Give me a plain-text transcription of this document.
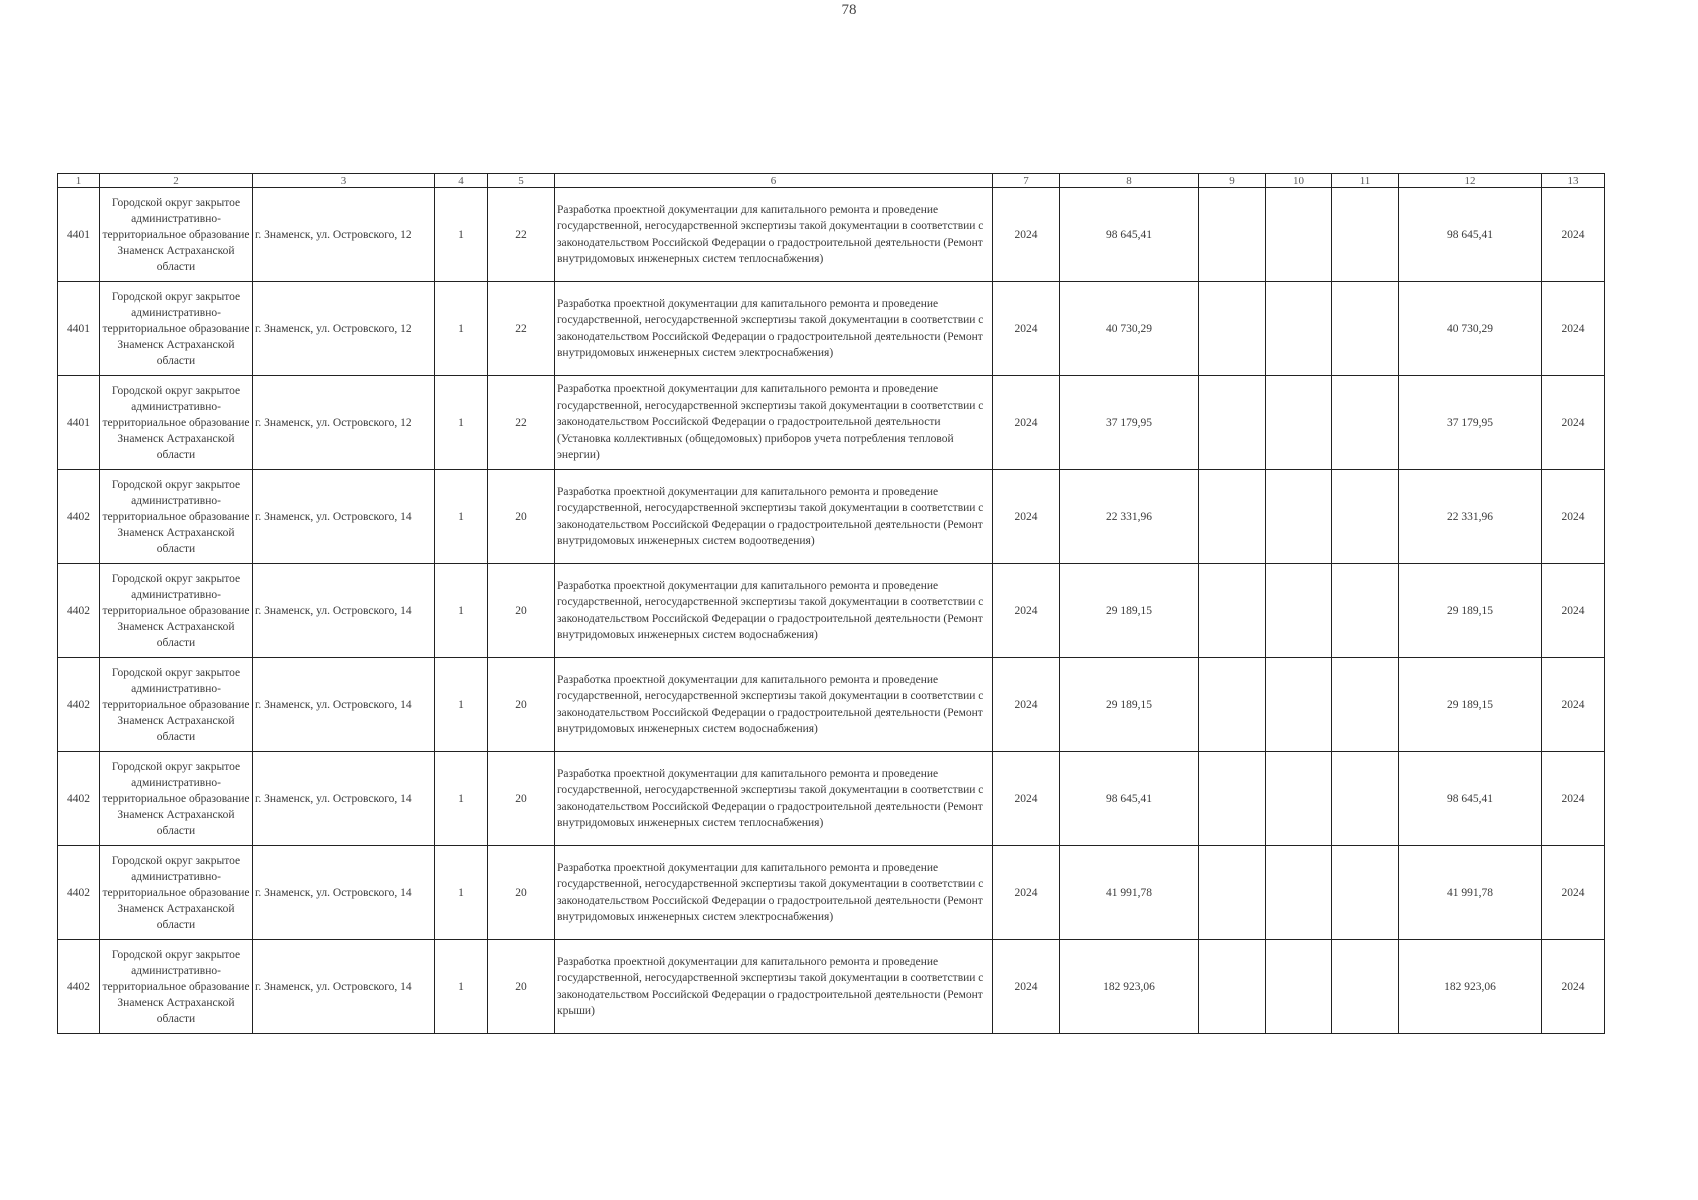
78
1	2	3	4	5	6	7	8	9	10	11	12	13
4401	Городской округ закрытое административно-территориальное образование Знаменск Астраханской области	г. Знаменск, ул. Островского, 12	1	22	Разработка проектной документации для капитального ремонта и проведение государственной, негосударственной экспертизы такой документации в соответствии с законодательством Российской Федерации о градостроительной деятельности (Ремонт внутридомовых инженерных систем теплоснабжения)	2024	98 645,41				98 645,41	2024
4401	Городской округ закрытое административно-территориальное образование Знаменск Астраханской области	г. Знаменск, ул. Островского, 12	1	22	Разработка проектной документации для капитального ремонта и проведение государственной, негосударственной экспертизы такой документации в соответствии с законодательством Российской Федерации о градостроительной деятельности (Ремонт внутридомовых инженерных систем электроснабжения)	2024	40 730,29				40 730,29	2024
4401	Городской округ закрытое административно-территориальное образование Знаменск Астраханской области	г. Знаменск, ул. Островского, 12	1	22	Разработка проектной документации для капитального ремонта и проведение государственной, негосударственной экспертизы такой документации в соответствии с законодательством Российской Федерации о градостроительной деятельности (Установка коллективных (общедомовых) приборов учета потребления тепловой энергии)	2024	37 179,95				37 179,95	2024
4402	Городской округ закрытое административно-территориальное образование Знаменск Астраханской области	г. Знаменск, ул. Островского, 14	1	20	Разработка проектной документации для капитального ремонта и проведение государственной, негосударственной экспертизы такой документации в соответствии с законодательством Российской Федерации о градостроительной деятельности (Ремонт внутридомовых инженерных систем водоотведения)	2024	22 331,96				22 331,96	2024
4402	Городской округ закрытое административно-территориальное образование Знаменск Астраханской области	г. Знаменск, ул. Островского, 14	1	20	Разработка проектной документации для капитального ремонта и проведение государственной, негосударственной экспертизы такой документации в соответствии с законодательством Российской Федерации о градостроительной деятельности (Ремонт внутридомовых инженерных систем водоснабжения)	2024	29 189,15				29 189,15	2024
4402	Городской округ закрытое административно-территориальное образование Знаменск Астраханской области	г. Знаменск, ул. Островского, 14	1	20	Разработка проектной документации для капитального ремонта и проведение государственной, негосударственной экспертизы такой документации в соответствии с законодательством Российской Федерации о градостроительной деятельности (Ремонт внутридомовых инженерных систем водоснабжения)	2024	29 189,15				29 189,15	2024
4402	Городской округ закрытое административно-территориальное образование Знаменск Астраханской области	г. Знаменск, ул. Островского, 14	1	20	Разработка проектной документации для капитального ремонта и проведение государственной, негосударственной экспертизы такой документации в соответствии с законодательством Российской Федерации о градостроительной деятельности (Ремонт внутридомовых инженерных систем теплоснабжения)	2024	98 645,41				98 645,41	2024
4402	Городской округ закрытое административно-территориальное образование Знаменск Астраханской области	г. Знаменск, ул. Островского, 14	1	20	Разработка проектной документации для капитального ремонта и проведение государственной, негосударственной экспертизы такой документации в соответствии с законодательством Российской Федерации о градостроительной деятельности (Ремонт внутридомовых инженерных систем электроснабжения)	2024	41 991,78				41 991,78	2024
4402	Городской округ закрытое административно-территориальное образование Знаменск Астраханской области	г. Знаменск, ул. Островского, 14	1	20	Разработка проектной документации для капитального ремонта и проведение государственной, негосударственной экспертизы такой документации в соответствии с законодательством Российской Федерации о градостроительной деятельности (Ремонт крыши)	2024	182 923,06				182 923,06	2024
